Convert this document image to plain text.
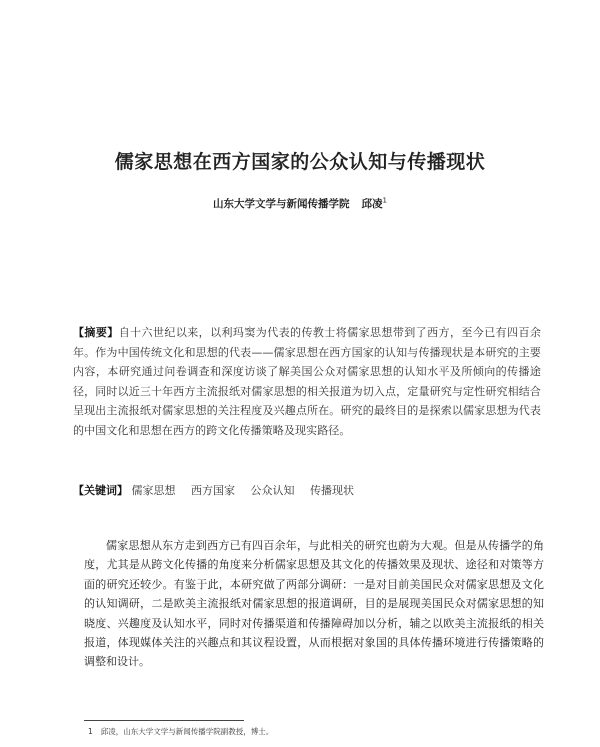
儒家思想在西方国家的公众认知与传播现状
山东大学文学与新闻传播学院 邱凌$^1$
【摘要】自十六世纪以来，以利玛窦为代表的传教士将儒家思想带到了西方，至今已有四百余年。作为中国传统文化和思想的代表——儒家思想在西方国家的认知与传播现状是本研究的主要内容，本研究通过问卷调查和深度访谈了解美国公众对儒家思想的认知水平及所倾向的传播途径，同时以近三十年西方主流报纸对儒家思想的相关报道为切入点，定量研究与定性研究相结合呈现出主流报纸对儒家思想的关注程度及兴趣点所在。研究的最终目的是探索以儒家思想为代表的中国文化和思想在西方的跨文化传播策略及现实路径。
【关键词】 儒家思想 西方国家 公众认知 传播现状
儒家思想从东方走到西方已有四百余年，与此相关的研究也蔚为大观。但是从传播学的角度，尤其是从跨文化传播的角度来分析儒家思想及其文化的传播效果及现状、途径和对策等方面的研究还较少。有鉴于此，本研究做了两部分调研：一是对目前美国民众对儒家思想及文化的认知调研，二是欧美主流报纸对儒家思想的报道调研，目的是展现美国民众对儒家思想的知晓度、兴趣度及认知水平，同时对传播渠道和传播障碍加以分析，辅之以欧美主流报纸的相关报道，体现媒体关注的兴趣点和其议程设置，从而根据对象国的具体传播环境进行传播策略的调整和设计。
1 邱凌，山东大学文学与新闻传播学院副教授，博士。
